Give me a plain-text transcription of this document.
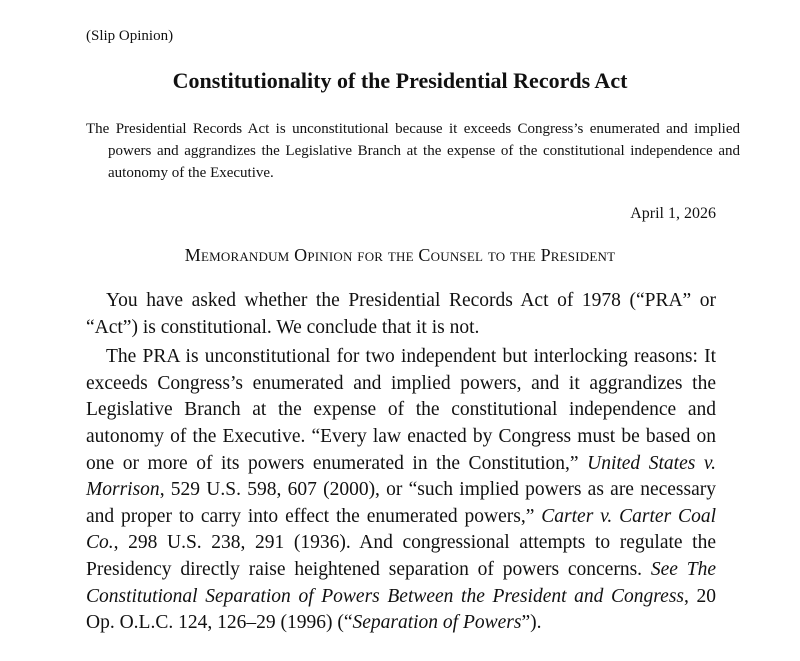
(Slip Opinion)
Constitutionality of the Presidential Records Act
The Presidential Records Act is unconstitutional because it exceeds Congress’s enumerated and implied powers and aggrandizes the Legislative Branch at the expense of the constitutional independence and autonomy of the Executive.
April 1, 2026
Memorandum Opinion for the Counsel to the President

You have asked whether the Presidential Records Act of 1978 (“PRA” or “Act”) is constitutional. We conclude that it is not.

The PRA is unconstitutional for two independent but interlocking reasons: It exceeds Congress’s enumerated and implied powers, and it aggrandizes the Legislative Branch at the expense of the constitutional independence and autonomy of the Executive. “Every law enacted by Congress must be based on one or more of its powers enumerated in the Constitution,” United States v. Morrison, 529 U.S. 598, 607 (2000), or “such implied powers as are necessary and proper to carry into effect the enumerated powers,” Carter v. Carter Coal Co., 298 U.S. 238, 291 (1936). And congressional attempts to regulate the Presidency directly raise heightened separation of powers concerns. See The Constitutional Separation of Powers Between the President and Congress, 20 Op. O.L.C. 124, 126–29 (1996) (“Separation of Powers”).
